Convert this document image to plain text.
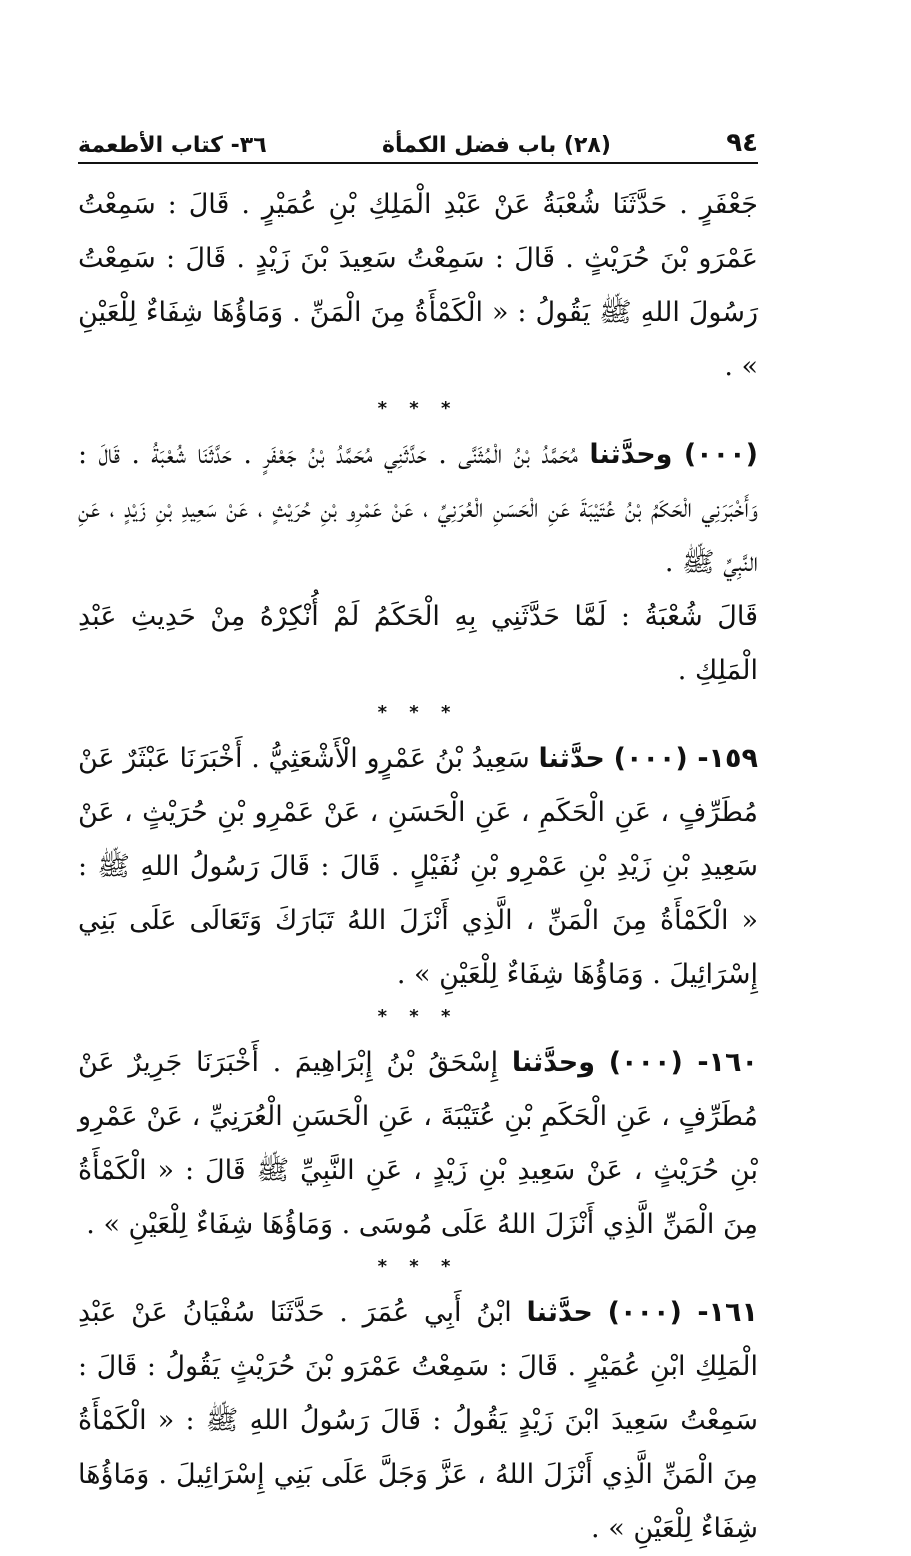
٩٤
(٢٨) باب فضل الكمأة
٣٦- كتاب الأطعمة

جَعْفَرٍ . حَدَّثَنَا شُعْبَةُ عَنْ عَبْدِ الْمَلِكِ بْنِ عُمَيْرٍ . قَالَ : سَمِعْتُ عَمْرَو بْنَ حُرَيْثٍ . قَالَ : سَمِعْتُ سَعِيدَ بْنَ زَيْدٍ . قَالَ : سَمِعْتُ رَسُولَ اللهِ ﷺ يَقُولُ : « الْكَمْأَةُ مِنَ الْمَنِّ . وَمَاؤُهَا شِفَاءٌ لِلْعَيْنِ » .

* * *

(٠٠٠) وحدَّثنا مُحَمَّدُ بْنُ الْمُثَنَّى . حَدَّثَنِي مُحَمَّدُ بْنُ جَعْفَرٍ . حَدَّثَنَا شُعْبَةُ . قَالَ : وَأَخْبَرَنِي الْحَكَمُ بْنُ عُتَيْبَةَ عَنِ الْحَسَنِ الْعُرَنِيِّ ، عَنْ عَمْرِو بْنِ حُرَيْثٍ ، عَنْ سَعِيدِ بْنِ زَيْدٍ ، عَنِ النَّبِيِّ ﷺ .

قَالَ شُعْبَةُ : لَمَّا حَدَّثَنِي بِهِ الْحَكَمُ لَمْ أُنْكِرْهُ مِنْ حَدِيثِ عَبْدِ الْمَلِكِ .

* * *

١٥٩- (٠٠٠) حدَّثنا سَعِيدُ بْنُ عَمْرٍو الْأَشْعَثِيُّ . أَخْبَرَنَا عَبْثَرٌ عَنْ مُطَرِّفٍ ، عَنِ الْحَكَمِ ، عَنِ الْحَسَنِ ، عَنْ عَمْرِو بْنِ حُرَيْثٍ ، عَنْ سَعِيدِ بْنِ زَيْدِ بْنِ عَمْرِو بْنِ نُفَيْلٍ . قَالَ : قَالَ رَسُولُ اللهِ ﷺ : « الْكَمْأَةُ مِنَ الْمَنِّ ، الَّذِي أَنْزَلَ اللهُ تَبَارَكَ وَتَعَالَى عَلَى بَنِي إِسْرَائِيلَ . وَمَاؤُهَا شِفَاءٌ لِلْعَيْنِ » .

* * *

١٦٠- (٠٠٠) وحدَّثنا إِسْحَقُ بْنُ إِبْرَاهِيمَ . أَخْبَرَنَا جَرِيرٌ عَنْ مُطَرِّفٍ ، عَنِ الْحَكَمِ بْنِ عُتَيْبَةَ ، عَنِ الْحَسَنِ الْعُرَنِيِّ ، عَنْ عَمْرِو بْنِ حُرَيْثٍ ، عَنْ سَعِيدِ بْنِ زَيْدٍ ، عَنِ النَّبِيِّ ﷺ قَالَ : « الْكَمْأَةُ مِنَ الْمَنِّ الَّذِي أَنْزَلَ اللهُ عَلَى مُوسَى . وَمَاؤُهَا شِفَاءٌ لِلْعَيْنِ » .

* * *

١٦١- (٠٠٠) حدَّثنا ابْنُ أَبِي عُمَرَ . حَدَّثَنَا سُفْيَانُ عَنْ عَبْدِ الْمَلِكِ ابْنِ عُمَيْرٍ . قَالَ : سَمِعْتُ عَمْرَو بْنَ حُرَيْثٍ يَقُولُ : قَالَ : سَمِعْتُ سَعِيدَ ابْنَ زَيْدٍ يَقُولُ : قَالَ رَسُولُ اللهِ ﷺ : « الْكَمْأَةُ مِنَ الْمَنِّ الَّذِي أَنْزَلَ اللهُ ، عَزَّ وَجَلَّ عَلَى بَنِي إِسْرَائِيلَ . وَمَاؤُهَا شِفَاءٌ لِلْعَيْنِ » .
